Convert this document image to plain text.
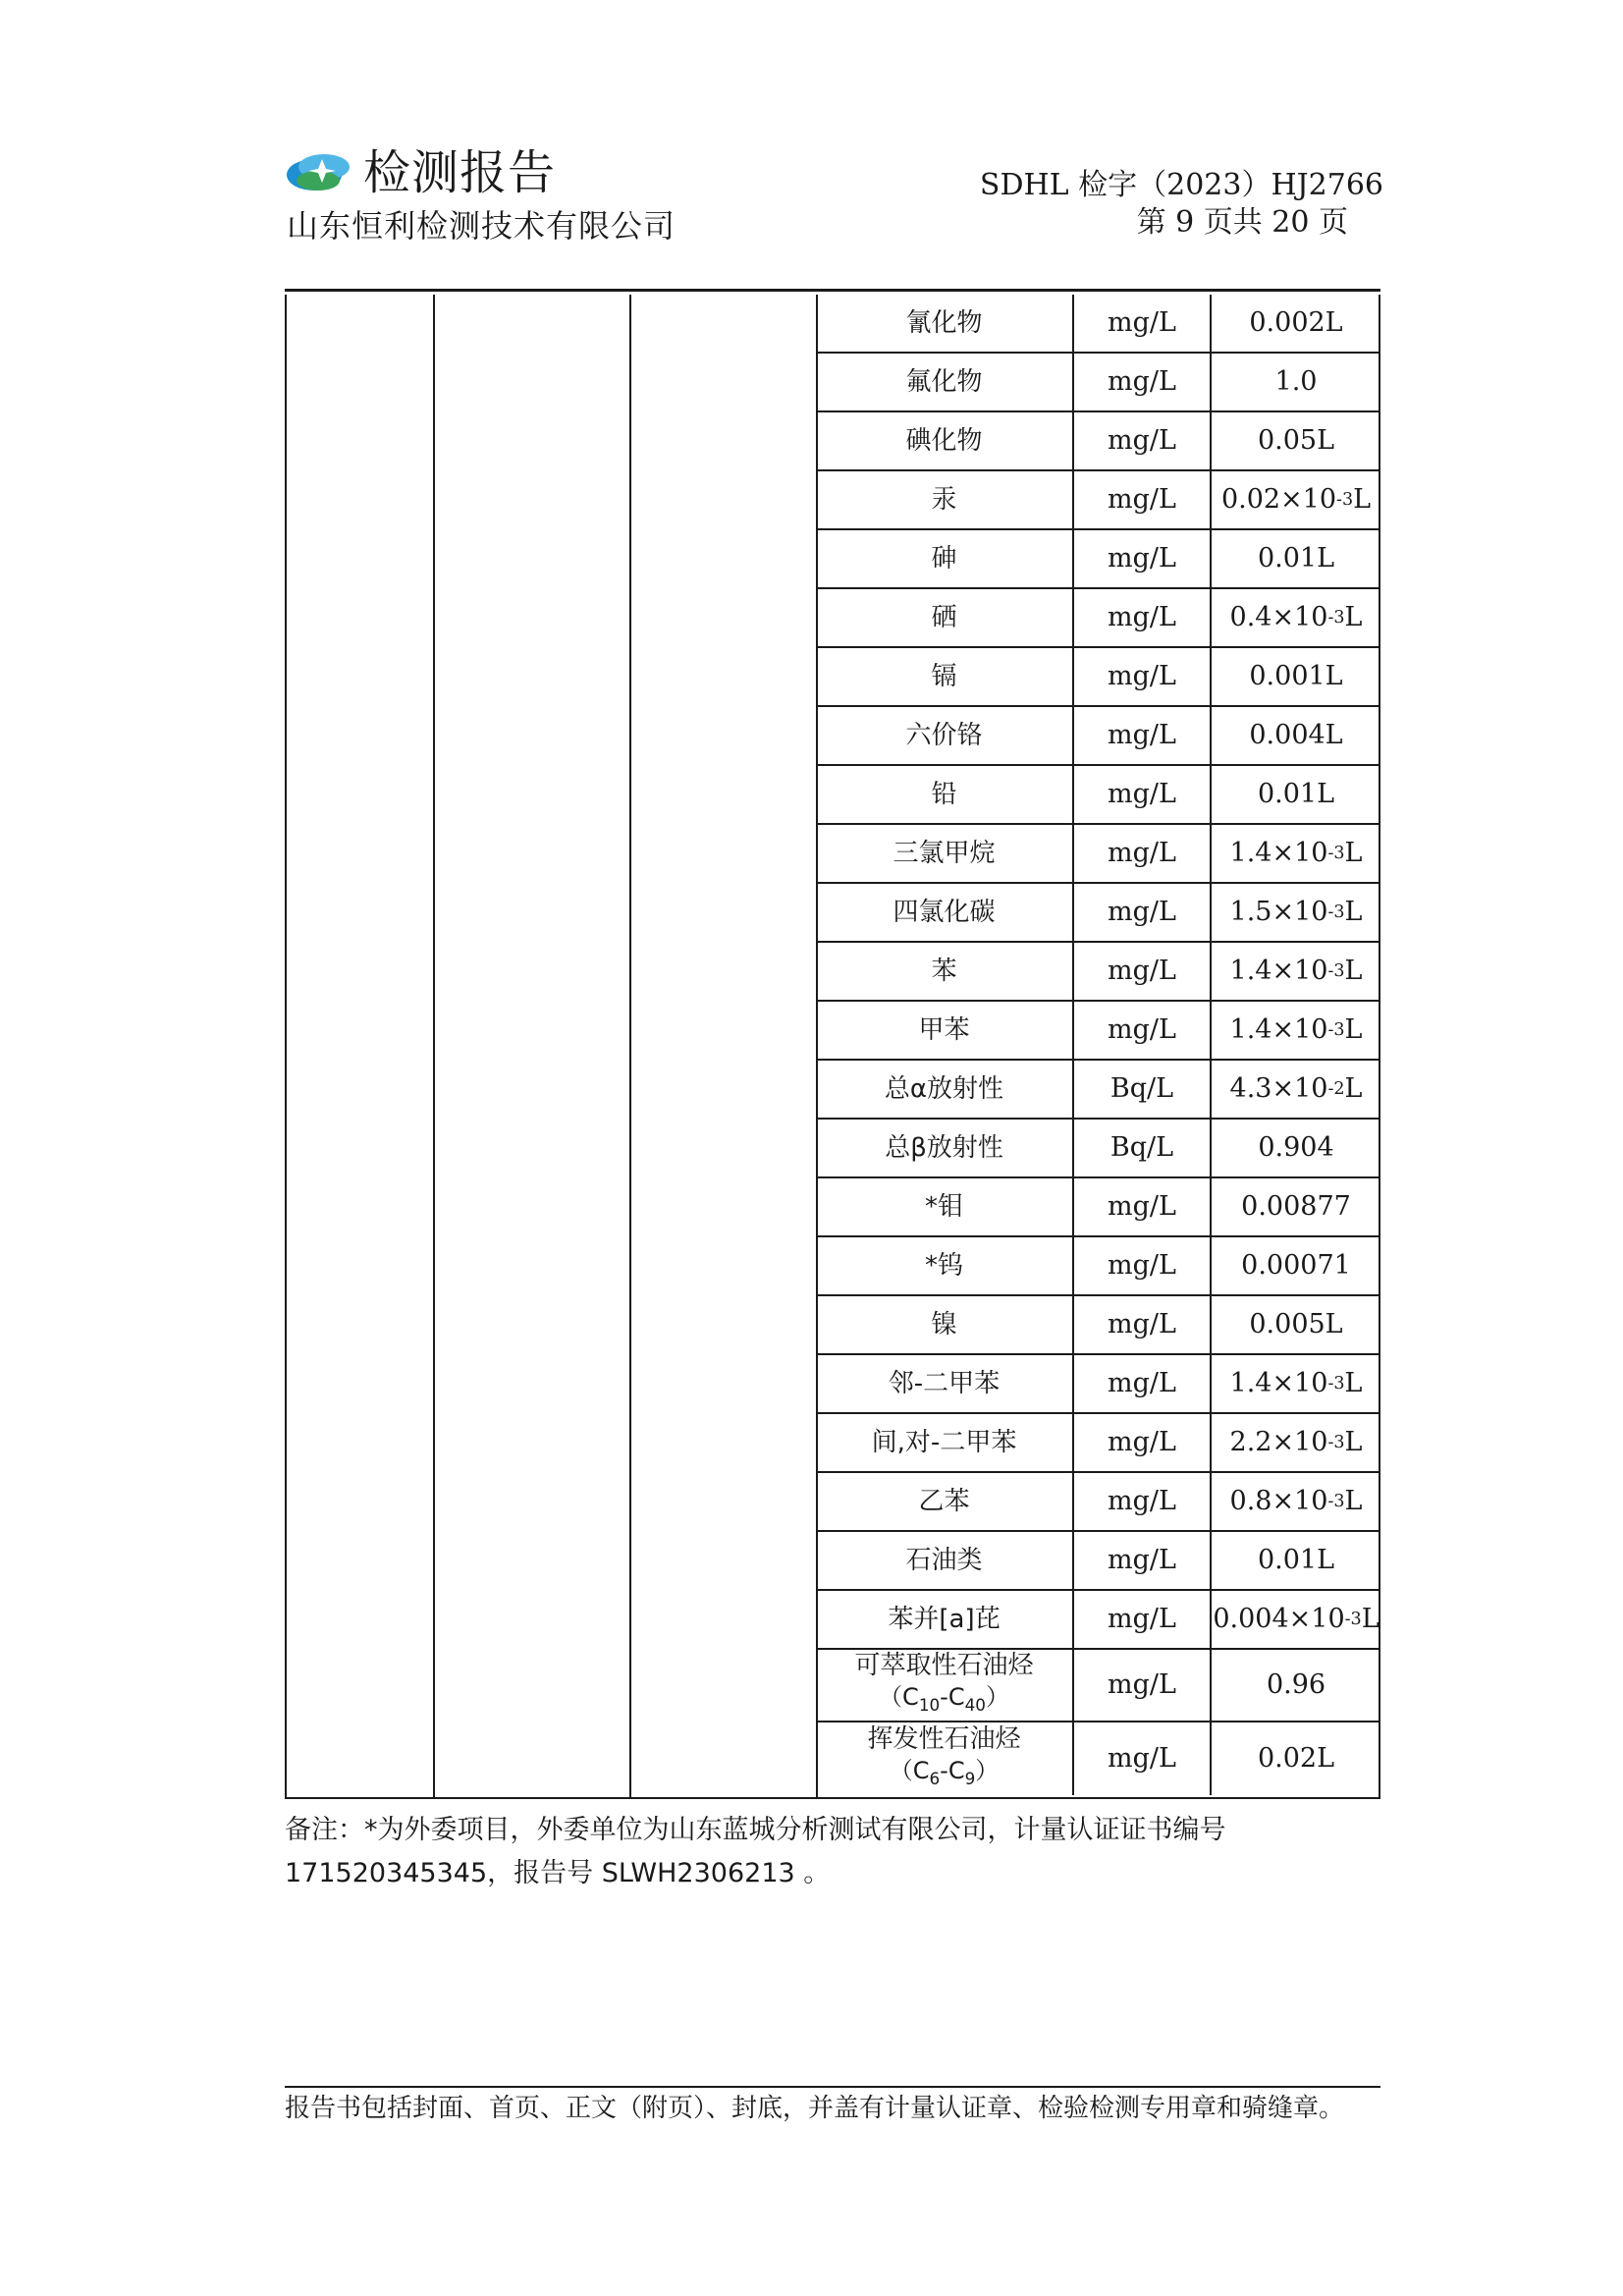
检测报告
山东恒利检测技术有限公司
SDHL 检字（2023）HJ2766
第 9 页共 20 页
氰化物	mg/L	0.002L
氟化物	mg/L	1.0
碘化物	mg/L	0.05L
汞	mg/L	0.02×10 -3 L
砷	mg/L	0.01L
硒	mg/L	0.4×10 -3 L
镉	mg/L	0.001L
六价铬	mg/L	0.004L
铅	mg/L	0.01L
三氯甲烷	mg/L	1.4×10 -3 L
四氯化碳	mg/L	1.5×10 -3 L
苯	mg/L	1.4×10 -3 L
甲苯	mg/L	1.4×10 -3 L
总α放射性	Bq/L	4.3×10 -2 L
总β放射性	Bq/L	0.904
*钼	mg/L	0.00877
*钨	mg/L	0.00071
镍	mg/L	0.005L
邻-二甲苯	mg/L	1.4×10 -3 L
间,对-二甲苯	mg/L	2.2×10 -3 L
乙苯	mg/L	0.8×10 -3 L
石油类	mg/L	0.01L
苯并[a]芘	mg/L	0.004×10 -3 L
可萃取性石油烃
$(C_{10}-C_{40})$	mg/L	0.96
挥发性石油烃
$(C_6-C_9)$	mg/L	0.02L
备注：*为外委项目，外委单位为山东蓝城分析测试有限公司，计量认证证书编号
171520345345，报告号 SLWH2306213 。
报告书包括封面、首页、正文（附页）、封底，并盖有计量认证章、检验检测专用章和骑缝章。
